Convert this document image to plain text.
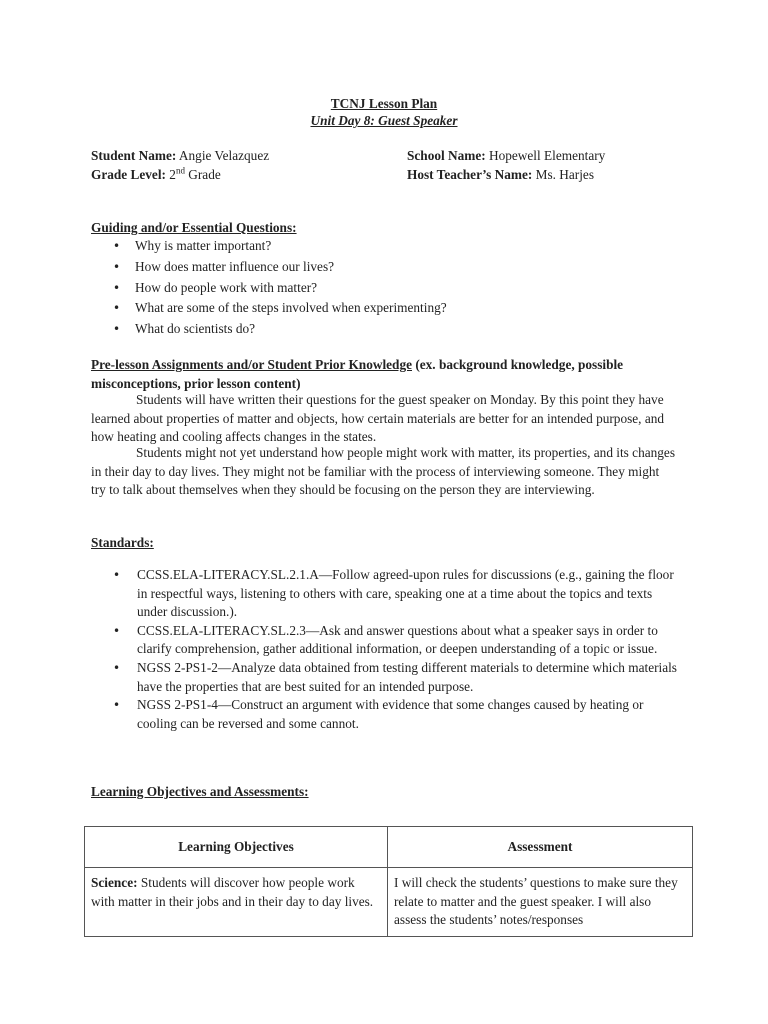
TCNJ Lesson Plan
Unit Day 8: Guest Speaker
Student Name: Angie Velazquez	School Name: Hopewell Elementary
Grade Level: 2nd Grade	Host Teacher’s Name: Ms. Harjes
Guiding and/or Essential Questions:
• Why is matter important?
• How does matter influence our lives?
• How do people work with matter?
• What are some of the steps involved when experimenting?
• What do scientists do?
Pre-lesson Assignments and/or Student Prior Knowledge (ex. background knowledge, possible misconceptions, prior lesson content)
Students will have written their questions for the guest speaker on Monday. By this point they have learned about properties of matter and objects, how certain materials are better for an intended purpose, and how heating and cooling affects changes in the states.
Students might not yet understand how people might work with matter, its properties, and its changes in their day to day lives. They might not be familiar with the process of interviewing someone. They might try to talk about themselves when they should be focusing on the person they are interviewing.
Standards:
• CCSS.ELA-LITERACY.SL.2.1.A—Follow agreed-upon rules for discussions (e.g., gaining the floor in respectful ways, listening to others with care, speaking one at a time about the topics and texts under discussion.).
• CCSS.ELA-LITERACY.SL.2.3—Ask and answer questions about what a speaker says in order to clarify comprehension, gather additional information, or deepen understanding of a topic or issue.
• NGSS 2-PS1-2—Analyze data obtained from testing different materials to determine which materials have the properties that are best suited for an intended purpose.
• NGSS 2-PS1-4—Construct an argument with evidence that some changes caused by heating or cooling can be reversed and some cannot.
Learning Objectives and Assessments:
Learning Objectives	Assessment
Science: Students will discover how people work with matter in their jobs and in their day to day lives.	I will check the students’ questions to make sure they relate to matter and the guest speaker. I will also assess the students’ notes/responses
